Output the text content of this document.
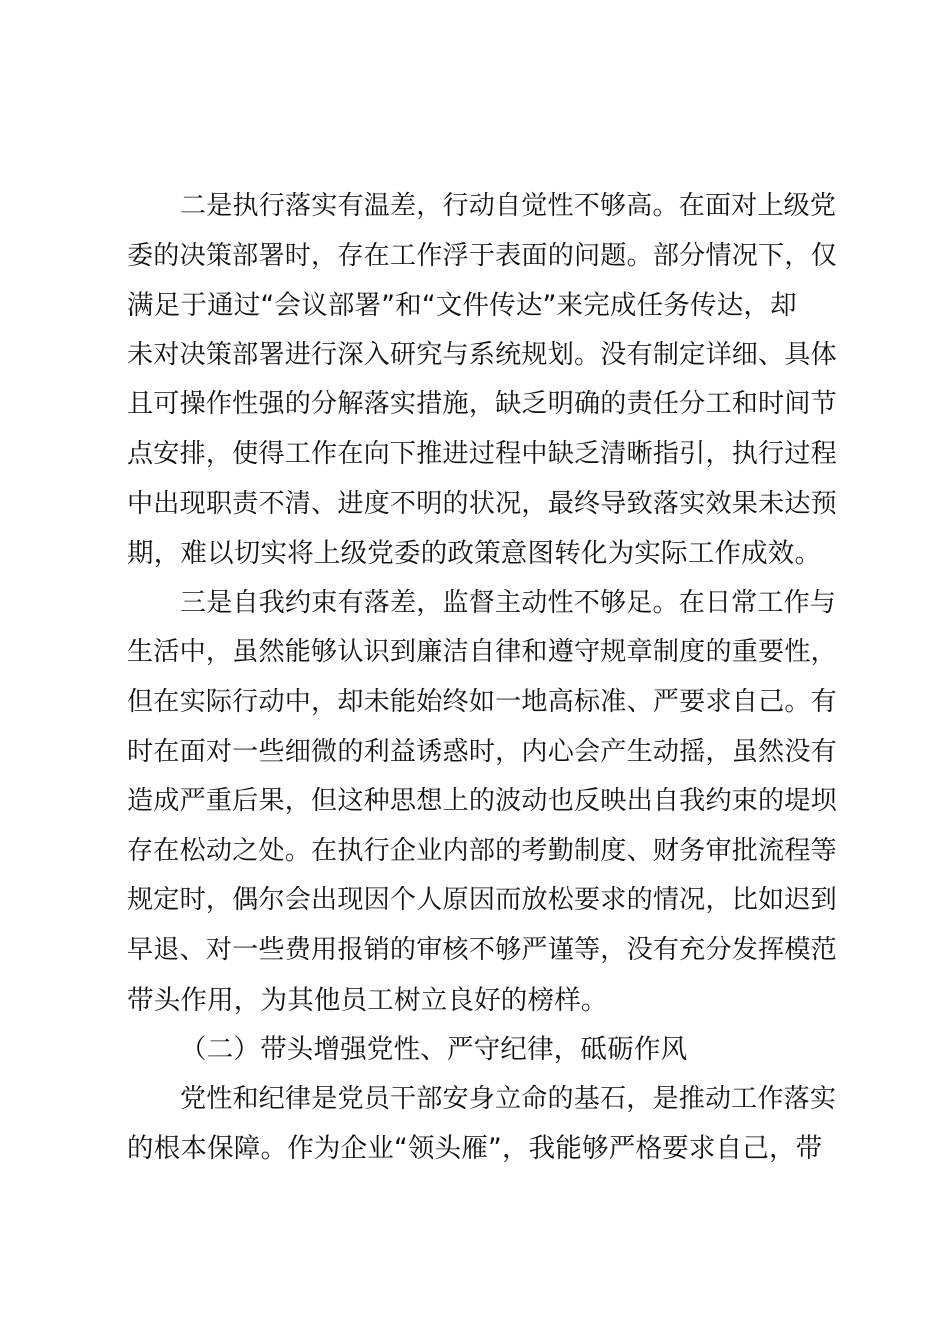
二是执行落实有温差，行动自觉性不够高。在面对上级党
委的决策部署时，存在工作浮于表面的问题。部分情况下，仅
满足于通过“会议部署”和“文件传达”来完成任务传达，却
未对决策部署进行深入研究与系统规划。没有制定详细、具体
且可操作性强的分解落实措施，缺乏明确的责任分工和时间节
点安排，使得工作在向下推进过程中缺乏清晰指引，执行过程
中出现职责不清、进度不明的状况，最终导致落实效果未达预
期，难以切实将上级党委的政策意图转化为实际工作成效。
三是自我约束有落差，监督主动性不够足。在日常工作与
生活中，虽然能够认识到廉洁自律和遵守规章制度的重要性，
但在实际行动中，却未能始终如一地高标准、严要求自己。有
时在面对一些细微的利益诱惑时，内心会产生动摇，虽然没有
造成严重后果，但这种思想上的波动也反映出自我约束的堤坝
存在松动之处。在执行企业内部的考勤制度、财务审批流程等
规定时，偶尔会出现因个人原因而放松要求的情况，比如迟到
早退、对一些费用报销的审核不够严谨等，没有充分发挥模范
带头作用，为其他员工树立良好的榜样。
（二）带头增强党性、严守纪律，砥砺作风
党性和纪律是党员干部安身立命的基石，是推动工作落实
的根本保障。作为企业“领头雁”，我能够严格要求自己，带
